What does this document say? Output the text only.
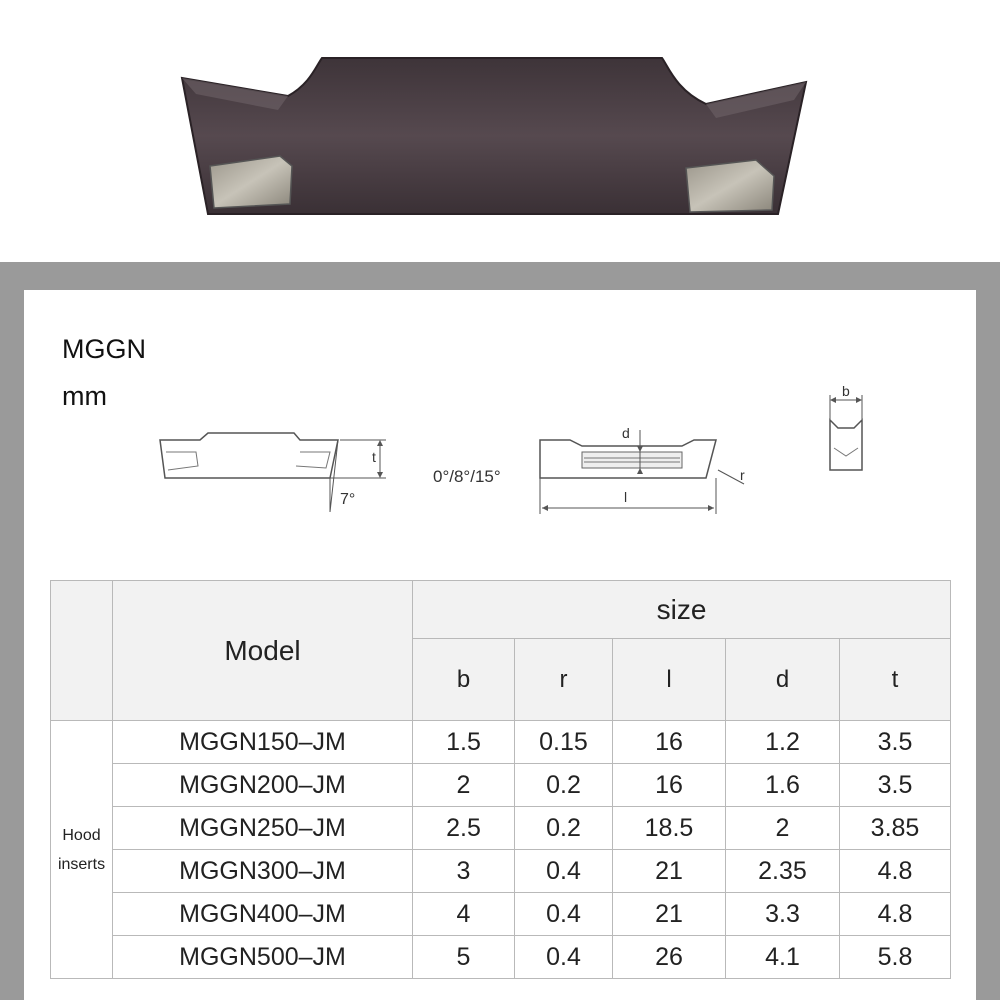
MGGN
mm
t
7°
d
0°/8°/15°
l
r
b
	Model	size				
		b	r	l	d	t
Hood inserts	MGGN150–JM	1.5	0.15	16	1.2	3.5
	MGGN200–JM	2	0.2	16	1.6	3.5
	MGGN250–JM	2.5	0.2	18.5	2	3.85
	MGGN300–JM	3	0.4	21	2.35	4.8
	MGGN400–JM	4	0.4	21	3.3	4.8
	MGGN500–JM	5	0.4	26	4.1	5.8
